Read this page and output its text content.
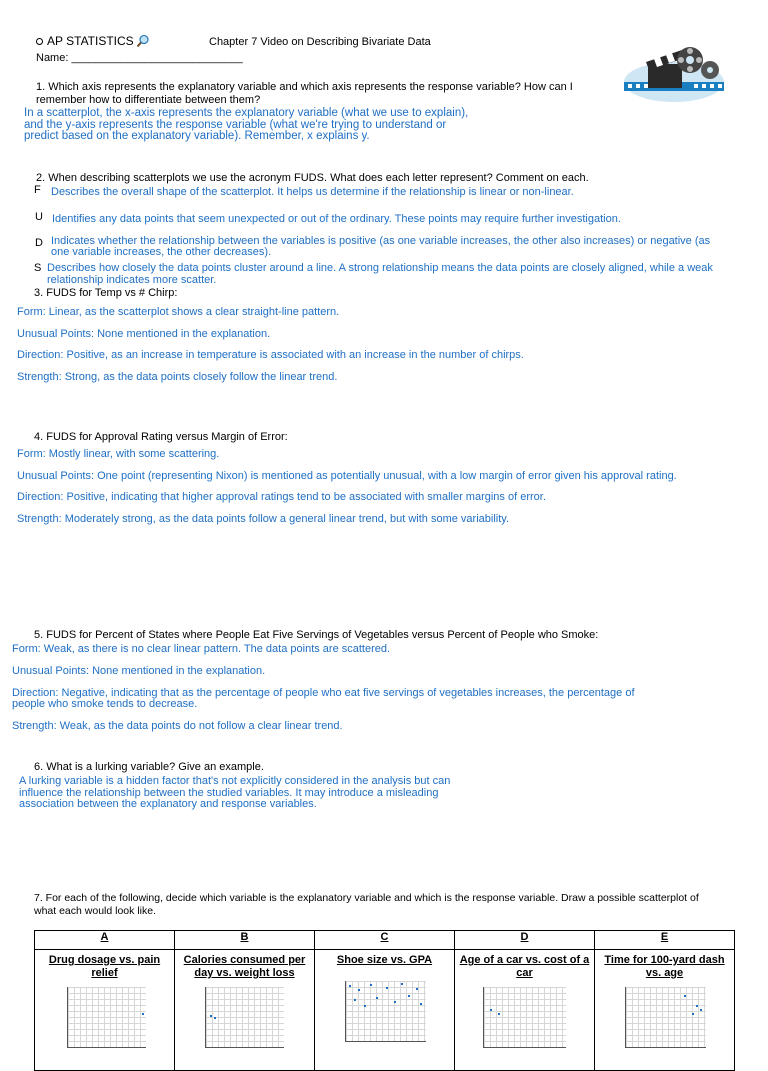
AP STATISTICS	Chapter 7 Video on Describing Bivariate Data
Name: ____________________________
1. Which axis represents the explanatory variable and which axis represents the response variable? How can I
remember how to differentiate between them?
In a scatterplot, the x-axis represents the explanatory variable (what we use to explain),
and the y-axis represents the response variable (what we're trying to understand or
predict based on the explanatory variable). Remember, x explains y.
2. When describing scatterplots we use the acronym FUDS. What does each letter represent? Comment on each.
F Describes the overall shape of the scatterplot. It helps us determine if the relationship is linear or non-linear.
U Identifies any data points that seem unexpected or out of the ordinary. These points may require further investigation.
D Indicates whether the relationship between the variables is positive (as one variable increases, the other also increases) or negative (as
one variable increases, the other decreases).
S Describes how closely the data points cluster around a line. A strong relationship means the data points are closely aligned, while a weak
relationship indicates more scatter.
3. FUDS for Temp vs # Chirp:
Form: Linear, as the scatterplot shows a clear straight-line pattern.
Unusual Points: None mentioned in the explanation.
Direction: Positive, as an increase in temperature is associated with an increase in the number of chirps.
Strength: Strong, as the data points closely follow the linear trend.
4. FUDS for Approval Rating versus Margin of Error:
Form: Mostly linear, with some scattering.
Unusual Points: One point (representing Nixon) is mentioned as potentially unusual, with a low margin of error given his approval rating.
Direction: Positive, indicating that higher approval ratings tend to be associated with smaller margins of error.
Strength: Moderately strong, as the data points follow a general linear trend, but with some variability.
5. FUDS for Percent of States where People Eat Five Servings of Vegetables versus Percent of People who Smoke:
Form: Weak, as there is no clear linear pattern. The data points are scattered.
Unusual Points: None mentioned in the explanation.
Direction: Negative, indicating that as the percentage of people who eat five servings of vegetables increases, the percentage of
people who smoke tends to decrease.
Strength: Weak, as the data points do not follow a clear linear trend.
6. What is a lurking variable? Give an example.
A lurking variable is a hidden factor that's not explicitly considered in the analysis but can
influence the relationship between the studied variables. It may introduce a misleading
association between the explanatory and response variables.
7. For each of the following, decide which variable is the explanatory variable and which is the response variable. Draw a possible scatterplot of
what each would look like.
A	B	C	D	E

Drug dosage vs. pain relief	Calories consumed per day vs. weight loss	Shoe size vs. GPA	Age of a car vs. cost of a car	Time for 100-yard dash vs. age
